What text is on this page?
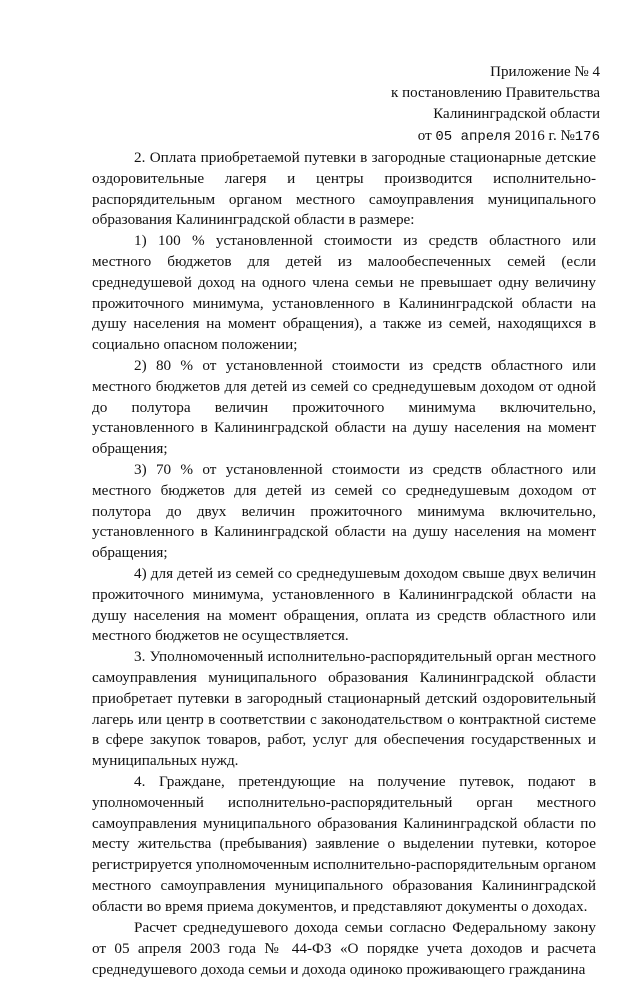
Приложение № 4
к постановлению Правительства
Калининградской области
от 05 апреля 2016 г. №176

2. Оплата приобретаемой путевки в загородные стационарные детские оздоровительные лагеря и центры производится исполнительно-распорядительным органом местного самоуправления муниципального образования Калининградской области в размере:

1) 100 % установленной стоимости из средств областного или местного бюджетов для детей из малообеспеченных семей (если среднедушевой доход на одного члена семьи не превышает одну величину прожиточного минимума, установленного в Калининградской области на душу населения на момент обращения), а также из семей, находящихся в социально опасном положении;

2) 80 % от установленной стоимости из средств областного или местного бюджетов для детей из семей со среднедушевым доходом от одной до полутора величин прожиточного минимума включительно, установленного в Калининградской области на душу населения на момент обращения;

3) 70 % от установленной стоимости из средств областного или местного бюджетов для детей из семей со среднедушевым доходом от полутора до двух величин прожиточного минимума включительно, установленного в Калининградской области на душу населения на момент обращения;

4) для детей из семей со среднедушевым доходом свыше двух величин прожиточного минимума, установленного в Калининградской области на душу населения на момент обращения, оплата из средств областного или местного бюджетов не осуществляется.

3. Уполномоченный исполнительно-распорядительный орган местного самоуправления муниципального образования Калининградской области приобретает путевки в загородный стационарный детский оздоровительный лагерь или центр в соответствии с законодательством о контрактной системе в сфере закупок товаров, работ, услуг для обеспечения государственных и муниципальных нужд.

4. Граждане, претендующие на получение путевок, подают в уполномоченный исполнительно-распорядительный орган местного самоуправления муниципального образования Калининградской области по месту жительства (пребывания) заявление о выделении путевки, которое регистрируется уполномоченным исполнительно-распорядительным органом местного самоуправления муниципального образования Калининградской области во время приема документов, и представляют документы о доходах.

Расчет среднедушевого дохода семьи согласно Федеральному закону от 05 апреля 2003 года № 44-ФЗ «О порядке учета доходов и расчета среднедушевого дохода семьи и дохода одиноко проживающего гражданина
